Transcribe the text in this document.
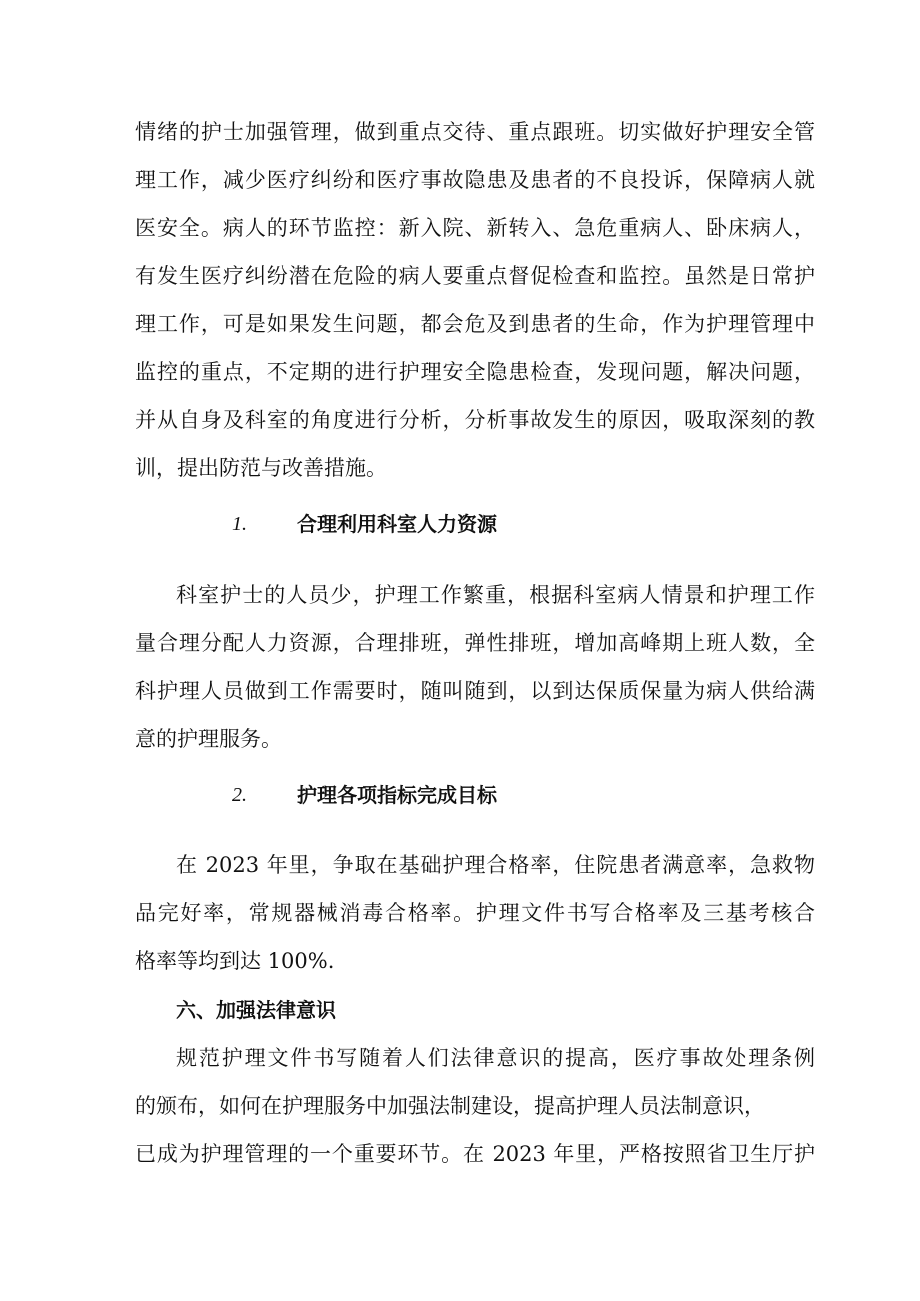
情绪的护士加强管理，做到重点交待、重点跟班。切实做好护理安全管
理工作，减少医疗纠纷和医疗事故隐患及患者的不良投诉，保障病人就
医安全。病人的环节监控：新入院、新转入、急危重病人、卧床病人，
有发生医疗纠纷潜在危险的病人要重点督促检查和监控。虽然是日常护
理工作，可是如果发生问题，都会危及到患者的生命，作为护理管理中
监控的重点，不定期的进行护理安全隐患检查，发现问题，解决问题，
并从自身及科室的角度进行分析，分析事故发生的原因，吸取深刻的教
训，提出防范与改善措施。
1.	合理利用科室人力资源
科室护士的人员少，护理工作繁重，根据科室病人情景和护理工作
量合理分配人力资源，合理排班，弹性排班，增加高峰期上班人数，全
科护理人员做到工作需要时，随叫随到，以到达保质保量为病人供给满
意的护理服务。
2.	护理各项指标完成目标
在 2023 年里，争取在基础护理合格率，住院患者满意率，急救物
品完好率，常规器械消毒合格率。护理文件书写合格率及三基考核合
格率等均到达 100%.
六、加强法律意识
规范护理文件书写随着人们法律意识的提高，医疗事故处理条例
的颁布，如何在护理服务中加强法制建设，提高护理人员法制意识，
已成为护理管理的一个重要环节。在 2023 年里，严格按照省卫生厅护
